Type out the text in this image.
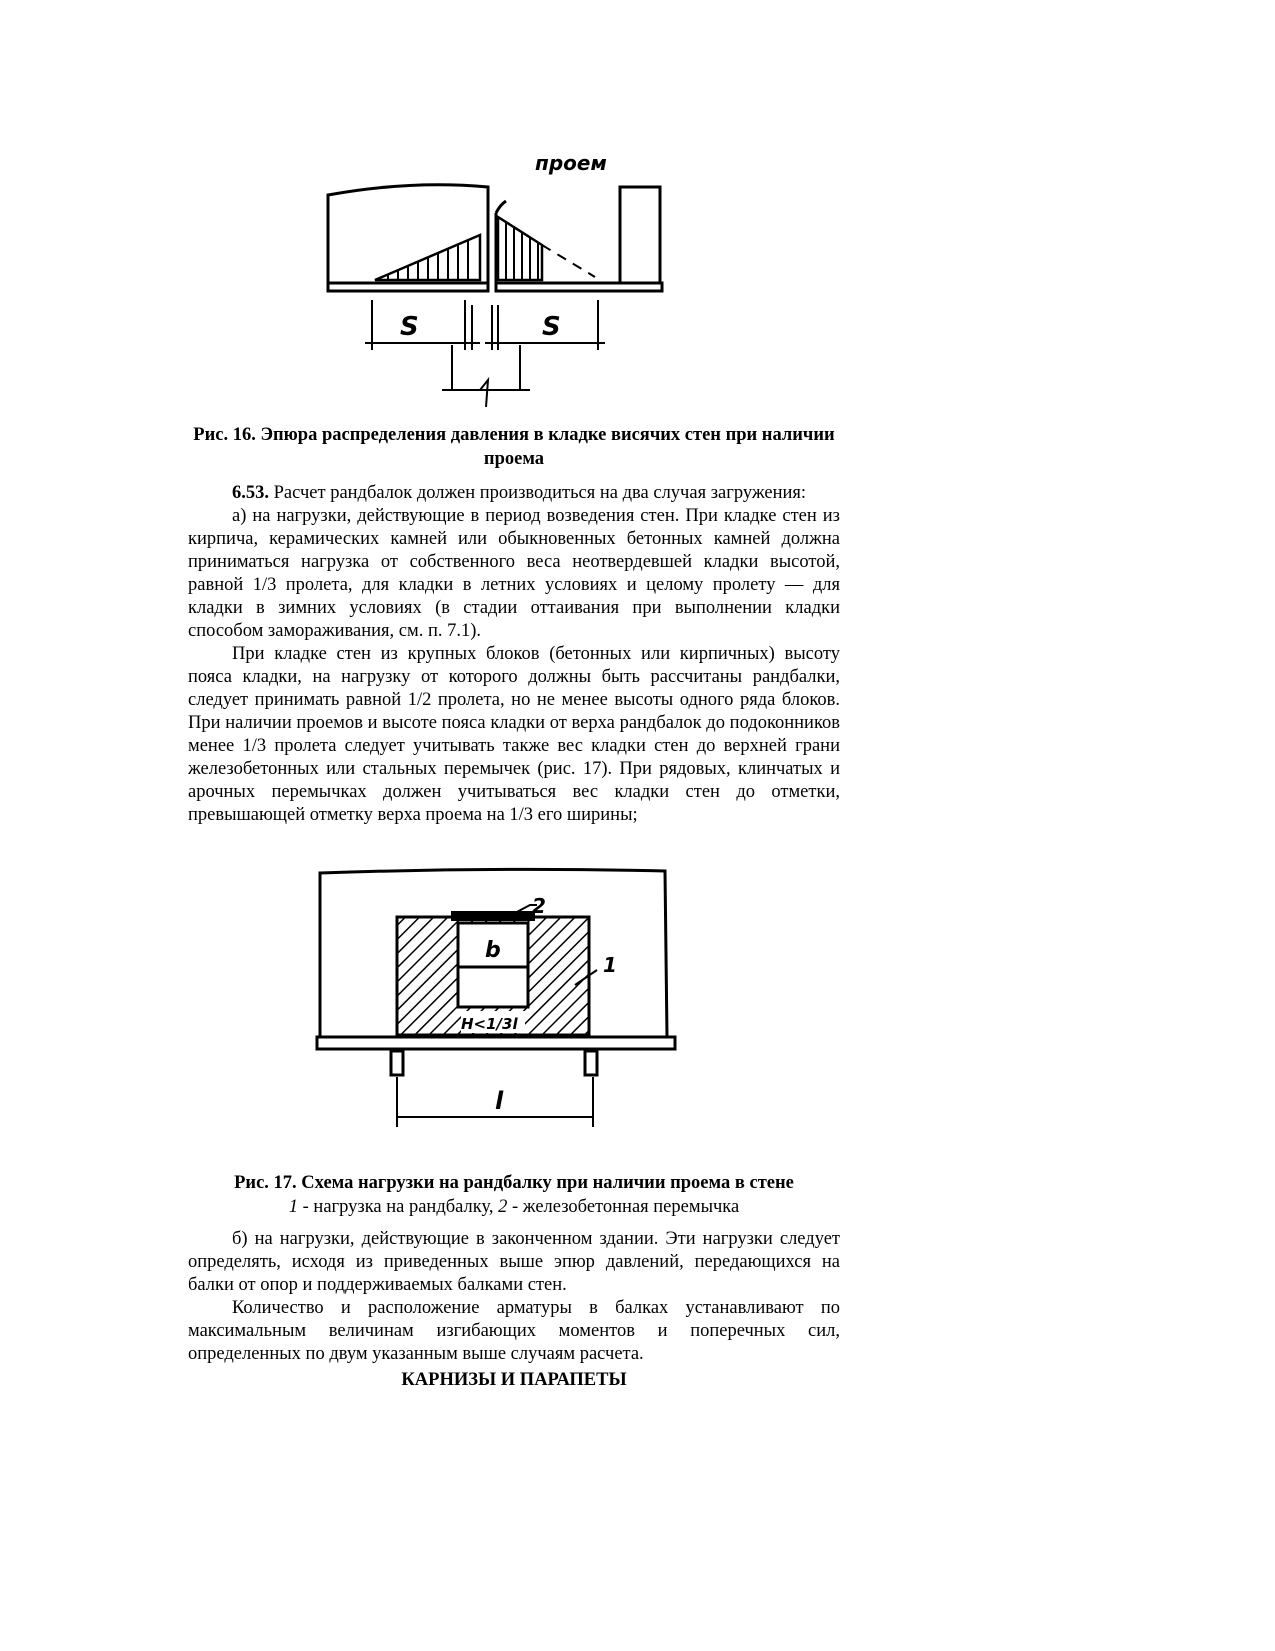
проем
S	S
1
Рис. 16. Эпюра распределения давления в кладке висячих стен при наличии проема

6.53. Расчет рандбалок должен производиться на два случая загружения:

а) на нагрузки, действующие в период возведения стен. При кладке стен из кирпича, керамических камней или обыкновенных бетонных камней должна приниматься нагрузка от собственного веса неотвердевшей кладки высотой, равной 1/3 пролета, для кладки в летних условиях и целому пролету — для кладки в зимних условиях (в стадии оттаивания при выполнении кладки способом замораживания, см. п. 7.1).

При кладке стен из крупных блоков (бетонных или кирпичных) высоту пояса кладки, на нагрузку от которого должны быть рассчитаны рандбалки, следует принимать равной 1/2 пролета, но не менее высоты одного ряда блоков. При наличии проемов и высоте пояса кладки от верха рандбалок до подоконников менее 1/3 пролета следует учитывать также вес кладки стен до верхней грани железобетонных или стальных перемычек (рис. 17). При рядовых, клинчатых и арочных перемычках должен учитываться вес кладки стен до отметки, превышающей отметку верха проема на 1/3 его ширины;

2
b
1
H<1/3l
l
Рис. 17. Схема нагрузки на рандбалку при наличии проема в стене
1 - нагрузка на рандбалку, 2 - железобетонная перемычка

б) на нагрузки, действующие в законченном здании. Эти нагрузки следует определять, исходя из приведенных выше эпюр давлений, передающихся на балки от опор и поддерживаемых балками стен.

Количество и расположение арматуры в балках устанавливают по максимальным величинам изгибающих моментов и поперечных сил, определенных по двум указанным выше случаям расчета.

КАРНИЗЫ И ПАРАПЕТЫ
